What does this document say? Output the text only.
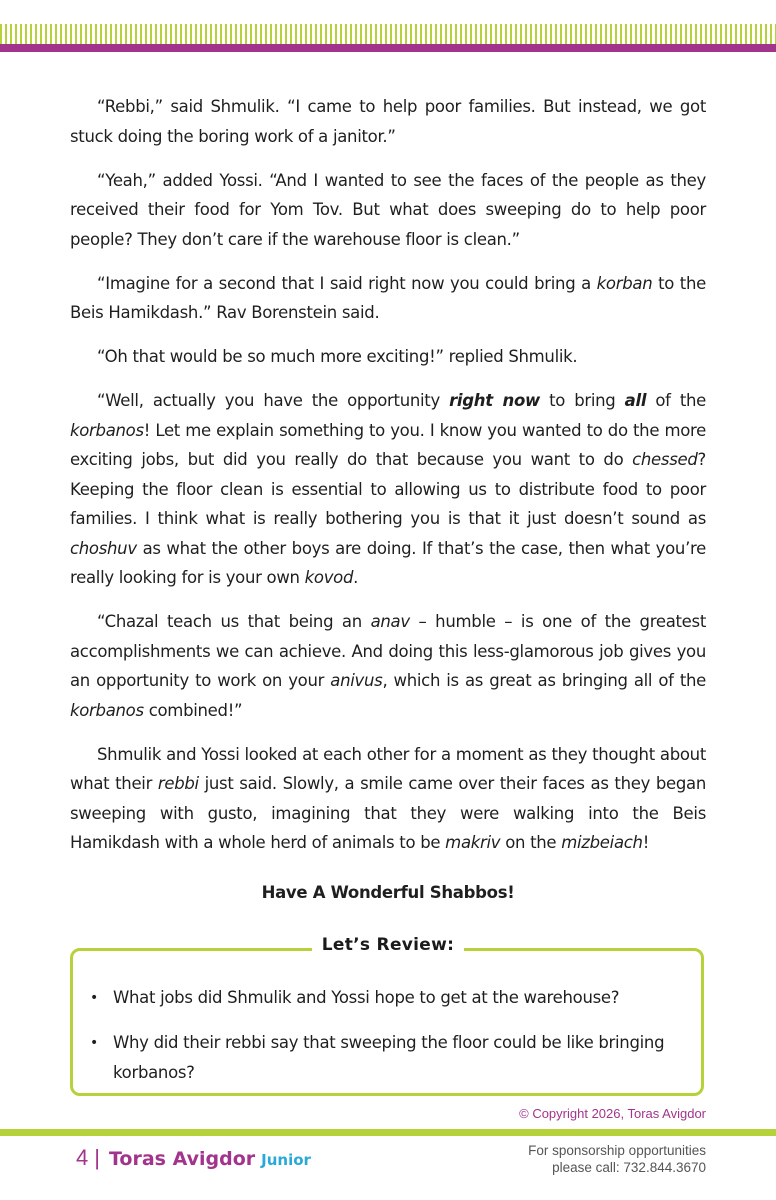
“Rebbi,” said Shmulik. “I came to help poor families. But instead, we got stuck doing the boring work of a janitor.”

“Yeah,” added Yossi. “And I wanted to see the faces of the people as they received their food for Yom Tov. But what does sweeping do to help poor people? They don’t care if the warehouse floor is clean.”

“Imagine for a second that I said right now you could bring a korban to the Beis Hamikdash.” Rav Borenstein said.

“Oh that would be so much more exciting!” replied Shmulik.

“Well, actually you have the opportunity right now to bring all of the korbanos! Let me explain something to you. I know you wanted to do the more exciting jobs, but did you really do that because you want to do chessed? Keeping the floor clean is essential to allowing us to distribute food to poor families. I think what is really bothering you is that it just doesn’t sound as choshuv as what the other boys are doing. If that’s the case, then what you’re really looking for is your own kovod.

“Chazal teach us that being an anav – humble – is one of the greatest accomplishments we can achieve. And doing this less-glamorous job gives you an opportunity to work on your anivus, which is as great as bringing all of the korbanos combined!”

Shmulik and Yossi looked at each other for a moment as they thought about what their rebbi just said. Slowly, a smile came over their faces as they began sweeping with gusto, imagining that they were walking into the Beis Hamikdash with a whole herd of animals to be makriv on the mizbeiach!

Have A Wonderful Shabbos!
Let’s Review:
• What jobs did Shmulik and Yossi hope to get at the warehouse?
• Why did their rebbi say that sweeping the floor could be like bringing korbanos?
© Copyright 2026, Toras Avigdor
4 | Toras Avigdor Junior
For sponsorship opportunities
please call: 732.844.3670
